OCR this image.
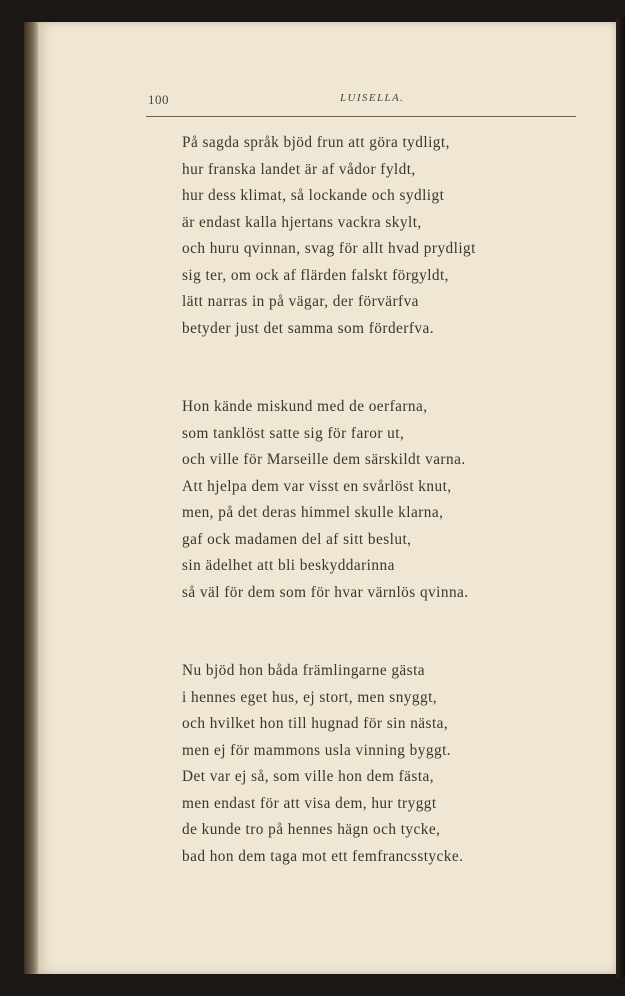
100	LUISELLA.
På sagda språk bjöd frun att göra tydligt,
hur franska landet är af vådor fyldt,
hur dess klimat, så lockande och sydligt
är endast kalla hjertans vackra skylt,
och huru qvinnan, svag för allt hvad prydligt
sig ter, om ock af flärden falskt förgyldt,
lätt narras in på vägar, der förvärfva
betyder just det samma som förderfva.
Hon kände miskund med de oerfarna,
som tanklöst satte sig för faror ut,
och ville för Marseille dem särskildt varna.
Att hjelpa dem var visst en svårlöst knut,
men, på det deras himmel skulle klarna,
gaf ock madamen del af sitt beslut,
sin ädelhet att bli beskyddarinna
så väl för dem som för hvar värnlös qvinna.
Nu bjöd hon båda främlingarne gästa
i hennes eget hus, ej stort, men snyggt,
och hvilket hon till hugnad för sin nästa,
men ej för mammons usla vinning byggt.
Det var ej så, som ville hon dem fästa,
men endast för att visa dem, hur tryggt
de kunde tro på hennes hägn och tycke,
bad hon dem taga mot ett femfrancsstycke.
